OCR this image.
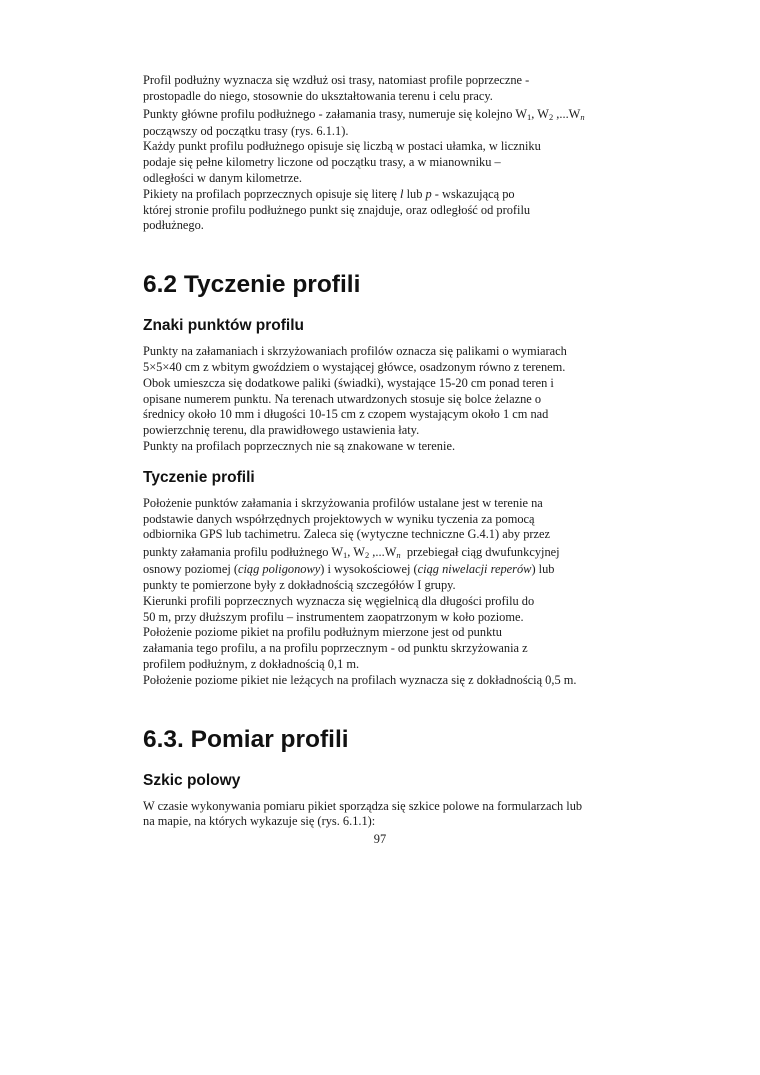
Profil podłużny wyznacza się wzdłuż osi trasy, natomiast profile poprzeczne -
prostopadle do niego, stosownie do ukształtowania terenu i celu pracy.
Punkty główne profilu podłużnego - załamania trasy, numeruje się kolejno $W_1$, $W_2$ $,...W_n$
począwszy od początku trasy (rys. 6.1.1).
Każdy punkt profilu podłużnego opisuje się liczbą w postaci ułamka, w liczniku
podaje się pełne kilometry liczone od początku trasy, a w mianowniku –
odległości w danym kilometrze.
Pikiety na profilach poprzecznych opisuje się literę l lub p - wskazującą po
której stronie profilu podłużnego punkt się znajduje, oraz odległość od profilu
podłużnego.

6.2 Tyczenie profili
Znaki punktów profilu

Punkty na załamaniach i skrzyżowaniach profilów oznacza się palikami o wymiarach
5×5×40 cm z wbitym gwoździem o wystającej główce, osadzonym równo z terenem.
Obok umieszcza się dodatkowe paliki (świadki), wystające 15-20 cm ponad teren i
opisane numerem punktu. Na terenach utwardzonych stosuje się bolce żelazne o
średnicy około 10 mm i długości 10-15 cm z czopem wystającym około 1 cm nad
powierzchnię terenu, dla prawidłowego ustawienia łaty.
Punkty na profilach poprzecznych nie są znakowane w terenie.

Tyczenie profili

Położenie punktów załamania i skrzyżowania profilów ustalane jest w terenie na
podstawie danych współrzędnych projektowych w wyniku tyczenia za pomocą
odbiornika GPS lub tachimetru. Zaleca się (wytyczne techniczne G.4.1) aby przez
punkty załamania profilu podłużnego $W_1$, $W_2$ $,...W_n$  przebiegał ciąg dwufunkcyjnej
osnowy poziomej (ciąg poligonowy) i wysokościowej (ciąg niwelacji reperów) lub
punkty te pomierzone były z dokładnością szczegółów I grupy.
Kierunki profili poprzecznych wyznacza się węgielnicą dla długości profilu do
50 m, przy dłuższym profilu – instrumentem zaopatrzonym w koło poziome.
Położenie poziome pikiet na profilu podłużnym mierzone jest od punktu
załamania tego profilu, a na profilu poprzecznym - od punktu skrzyżowania z
profilem podłużnym, z dokładnością 0,1 m.
Położenie poziome pikiet nie leżących na profilach wyznacza się z dokładnością 0,5 m.

6.3. Pomiar profili
Szkic polowy

W czasie wykonywania pomiaru pikiet sporządza się szkice polowe na formularzach lub
na mapie, na których wykazuje się (rys. 6.1.1):

97
